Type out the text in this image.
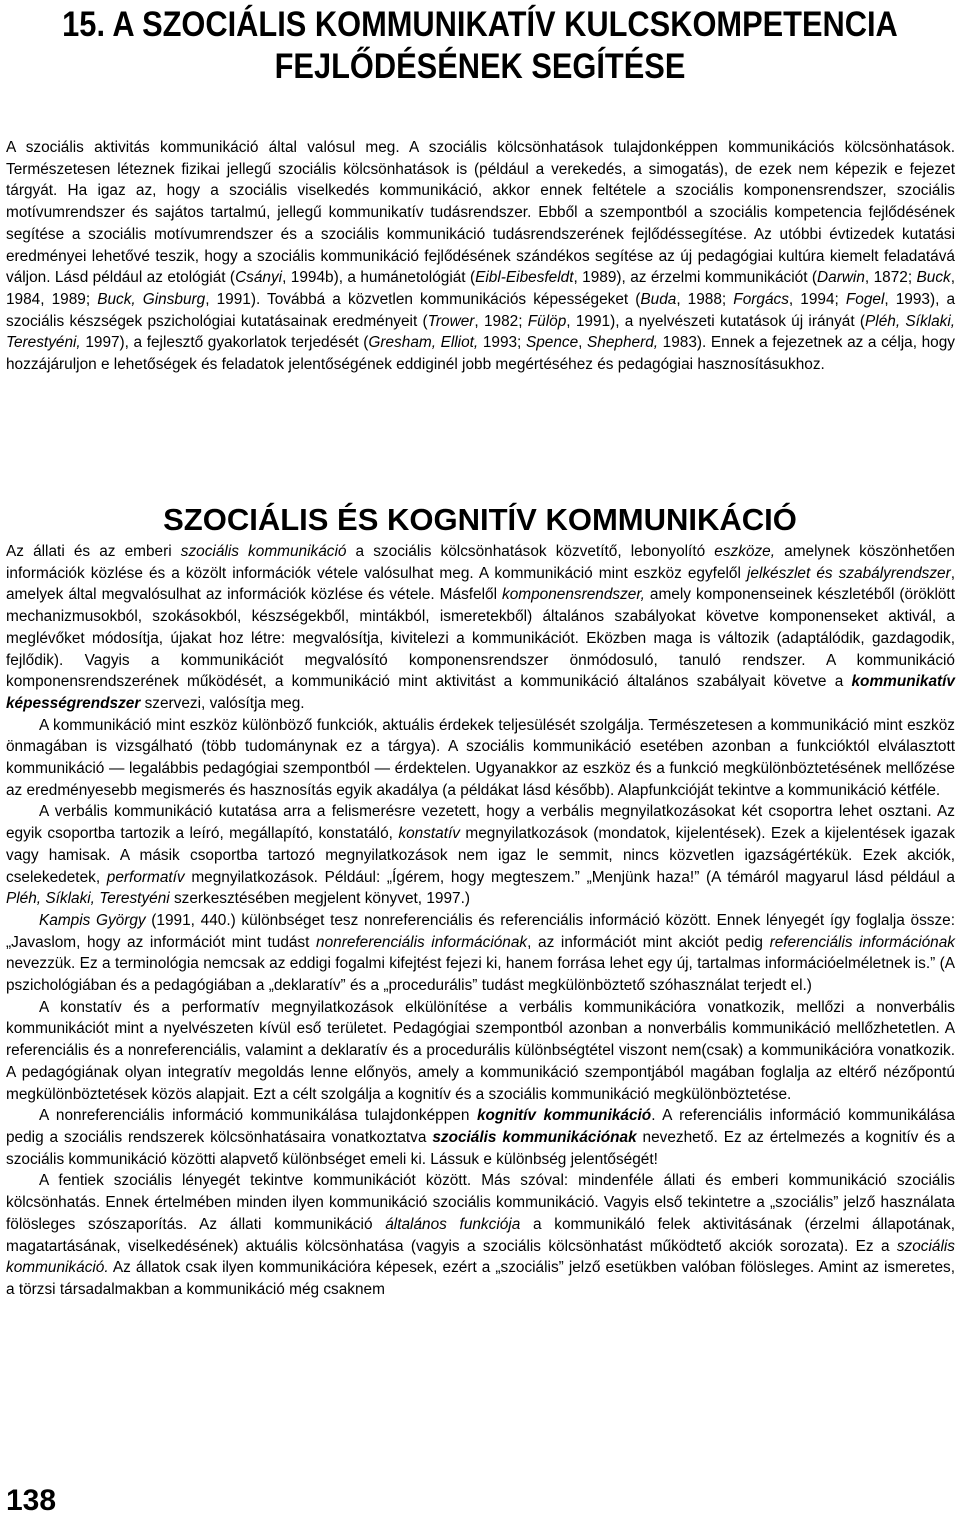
15. A SZOCIÁLIS KOMMUNIKATÍV KULCSKOMPETENCIA
FEJLŐDÉSÉNEK SEGÍTÉSE

A szociális aktivitás kommunikáció által valósul meg. A szociális kölcsönhatások tulajdonképpen kommunikációs kölcsönhatások. Természetesen léteznek fizikai jellegű szociális kölcsönhatások is (például a verekedés, a simogatás), de ezek nem képezik e fejezet tárgyát. Ha igaz az, hogy a szociális viselkedés kommunikáció, akkor ennek feltétele a szociális komponensrendszer, szociális motívumrendszer és sajátos tartalmú, jellegű kommunikatív tudásrendszer. Ebből a szempontból a szociális kompetencia fejlődésének segítése a szociális motívumrendszer és a szociális kommunikáció tudásrendszerének fejlődéssegítése. Az utóbbi évtizedek kutatási eredményei lehetővé teszik, hogy a szociális kommunikáció fejlődésének szándékos segítése az új pedagógiai kultúra kiemelt feladatává váljon. Lásd például az etológiát (Csányi, 1994b), a humánetológiát (Eibl-Eibesfeldt, 1989), az érzelmi kommunikációt (Darwin, 1872; Buck, 1984, 1989; Buck, Ginsburg, 1991). Továbbá a közvetlen kommunikációs képességeket (Buda, 1988; Forgács, 1994; Fogel, 1993), a szociális készségek pszichológiai kutatásainak eredményeit (Trower, 1982; Fülöp, 1991), a nyelvészeti kutatások új irányát (Pléh, Síklaki, Terestyéni, 1997), a fejlesztő gyakorlatok terjedését (Gresham, Elliot, 1993; Spence, Shepherd, 1983). Ennek a fejezetnek az a célja, hogy hozzájáruljon e lehetőségek és feladatok jelentőségének eddiginél jobb megértéséhez és pedagógiai hasznosításukhoz.

SZOCIÁLIS ÉS KOGNITÍV KOMMUNIKÁCIÓ

Az állati és az emberi szociális kommunikáció a szociális kölcsönhatások közvetítő, lebonyolító eszköze, amelynek köszönhetően információk közlése és a közölt információk vétele valósulhat meg. A kommunikáció mint eszköz egyfelől jelkészlet és szabályrendszer, amelyek által megvalósulhat az információk közlése és vétele. Másfelől komponensrendszer, amely komponenseinek készletéből (öröklött mechanizmusokból, szokásokból, készségekből, mintákból, ismeretekből) általános szabályokat követve komponenseket aktivál, a meglévőket módosítja, újakat hoz létre: megvalósítja, kivitelezi a kommunikációt. Eközben maga is változik (adaptálódik, gazdagodik, fejlődik). Vagyis a kommunikációt megvalósító komponensrendszer önmódosuló, tanuló rendszer. A kommunikáció komponensrendszerének működését, a kommunikáció mint aktivitást a kommunikáció általános szabályait követve a kommunikatív képességrendszer szervezi, valósítja meg.

A kommunikáció mint eszköz különböző funkciók, aktuális érdekek teljesülését szolgálja. Természetesen a kommunikáció mint eszköz önmagában is vizsgálható (több tudománynak ez a tárgya). A szociális kommunikáció esetében azonban a funkcióktól elválasztott kommunikáció — legalábbis pedagógiai szempontból — érdektelen. Ugyanakkor az eszköz és a funkció megkülönböztetésének mellőzése az eredményesebb megismerés és hasznosítás egyik akadálya (a példákat lásd később). Alapfunkcióját tekintve a kommunikáció kétféle.

A verbális kommunikáció kutatása arra a felismerésre vezetett, hogy a verbális megnyilatkozásokat két csoportra lehet osztani. Az egyik csoportba tartozik a leíró, megállapító, konstatáló, konstatív megnyilatkozások (mondatok, kijelentések). Ezek a kijelentések igazak vagy hamisak. A másik csoportba tartozó megnyilatkozások nem igaz le semmit, nincs közvetlen igazságértékük. Ezek akciók, cselekedetek, performatív megnyilatkozások. Például: „Ígérem, hogy megteszem.” „Menjünk haza!” (A témáról magyarul lásd például a Pléh, Síklaki, Terestyéni szerkesztésében megjelent könyvet, 1997.)

Kampis György (1991, 440.) különbséget tesz nonreferenciális és referenciális információ között. Ennek lényegét így foglalja össze: „Javaslom, hogy az információt mint tudást nonreferenciális információnak, az információt mint akciót pedig referenciális információnak nevezzük. Ez a terminológia nemcsak az eddigi fogalmi kifejtést fejezi ki, hanem forrása lehet egy új, tartalmas információelméletnek is.” (A pszichológiában és a pedagógiában a „deklaratív” és a „procedurális” tudást megkülönböztető szóhasználat terjedt el.)

A konstatív és a performatív megnyilatkozások elkülönítése a verbális kommunikációra vonatkozik, mellőzi a nonverbális kommunikációt mint a nyelvészeten kívül eső területet. Pedagógiai szempontból azonban a nonverbális kommunikáció mellőzhetetlen. A referenciális és a nonreferenciális, valamint a deklaratív és a procedurális különbségtétel viszont nem(csak) a kommunikációra vonatkozik. A pedagógiának olyan integratív megoldás lenne előnyös, amely a kommunikáció szempontjából magában foglalja az eltérő nézőpontú megkülönböztetések közös alapjait. Ezt a célt szolgálja a kognitív és a szociális kommunikáció megkülönböztetése.

A nonreferenciális információ kommunikálása tulajdonképpen kognitív kommunikáció. A referenciális információ kommunikálása pedig a szociális rendszerek kölcsönhatásaira vonatkoztatva szociális kommunikációnak nevezhető. Ez az értelmezés a kognitív és a szociális kommunikáció közötti alapvető különbséget emeli ki. Lássuk e különbség jelentőségét!

A fentiek szociális lényegét tekintve kommunikációt között. Más szóval: mindenféle állati és emberi kommunikáció szociális kölcsönhatás. Ennek értelmében minden ilyen kommunikáció szociális kommunikáció. Vagyis első tekintetre a „szociális” jelző használata fölösleges szószaporítás. Az állati kommunikáció általános funkciója a kommunikáló felek aktivitásának (érzelmi állapotának, magatartásának, viselkedésének) aktuális kölcsönhatása (vagyis a szociális kölcsönhatást működtető akciók sorozata). Ez a szociális kommunikáció. Az állatok csak ilyen kommunikációra képesek, ezért a „szociális” jelző esetükben valóban fölösleges. Amint az ismeretes, a törzsi társadalmakban a kommunikáció még csaknem

138
